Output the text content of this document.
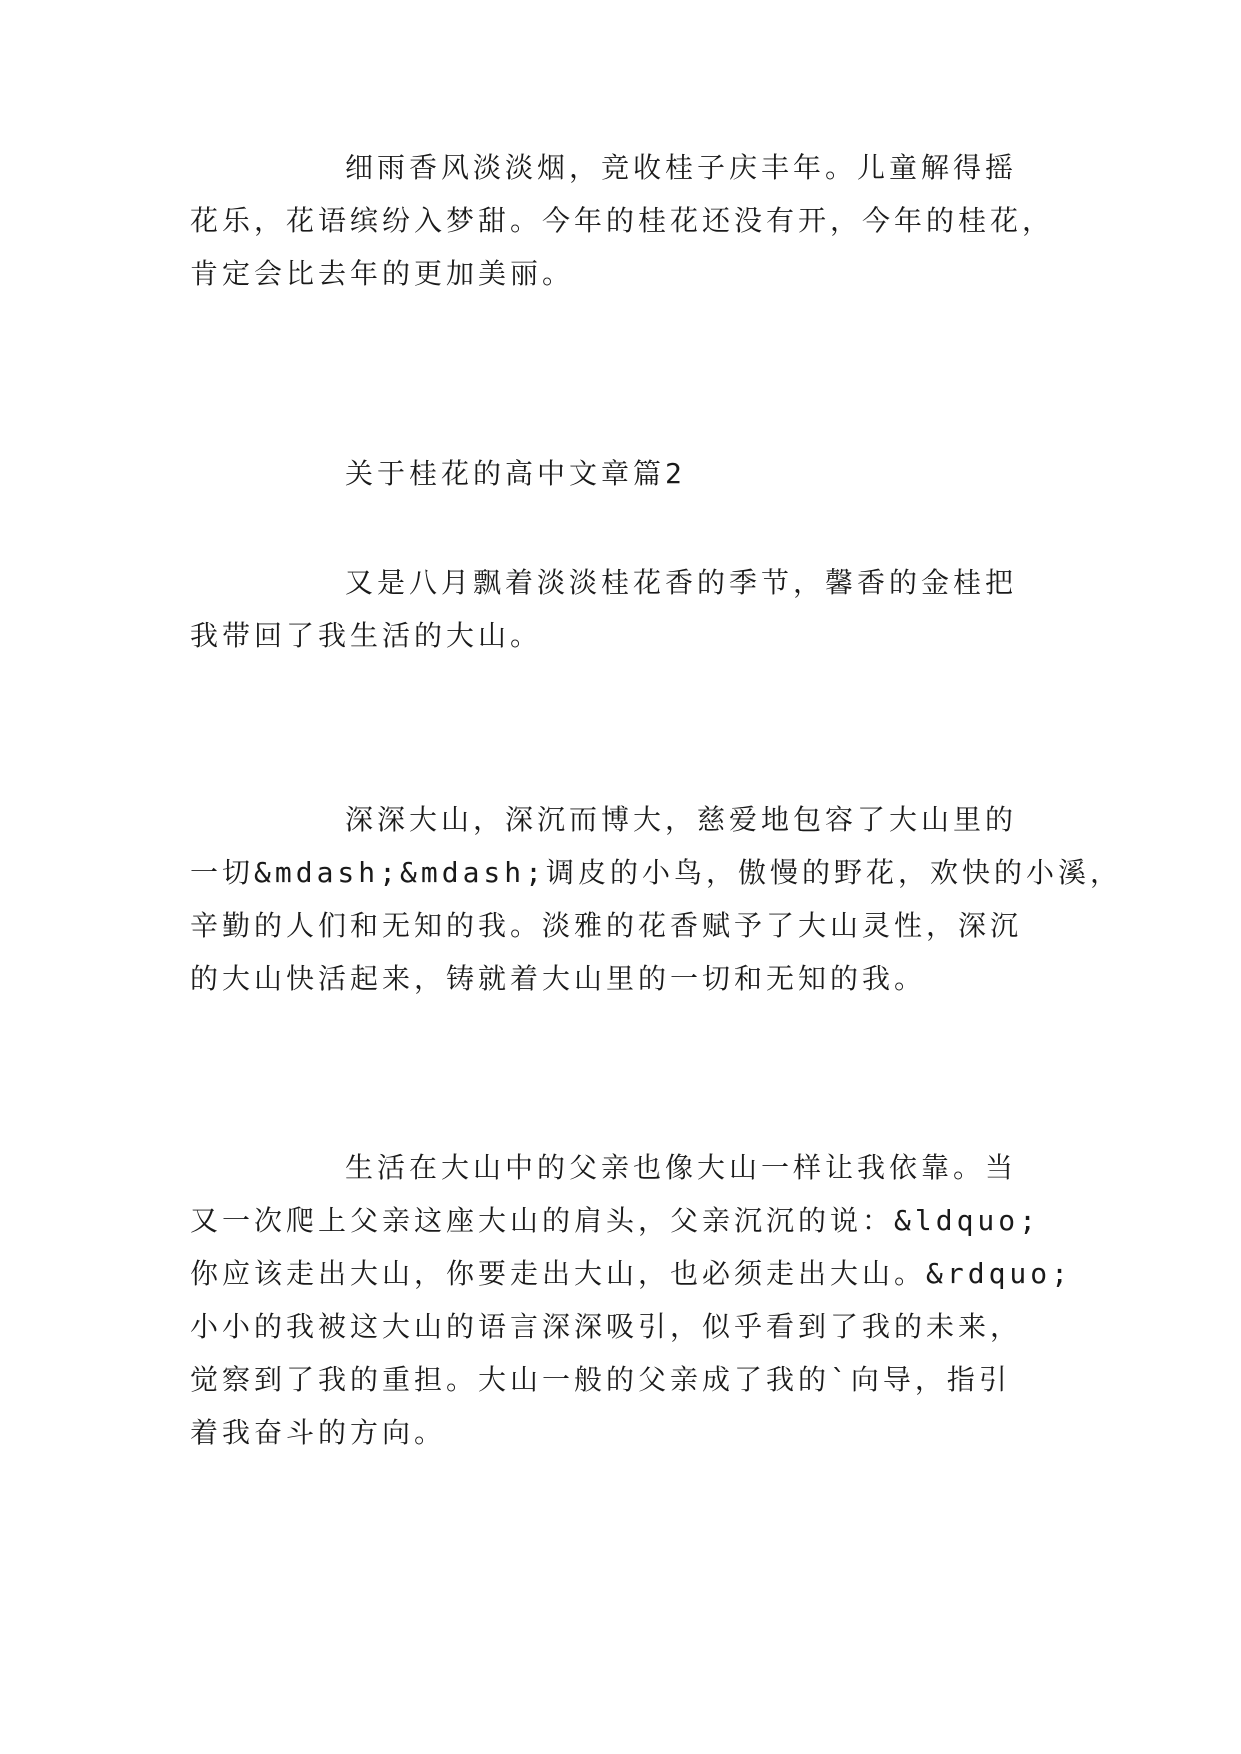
细雨香风淡淡烟，竞收桂子庆丰年。儿童解得摇
花乐，花语缤纷入梦甜。今年的桂花还没有开，今年的桂花，
肯定会比去年的更加美丽。
关于桂花的高中文章篇2
又是八月飘着淡淡桂花香的季节，馨香的金桂把
我带回了我生活的大山。
深深大山，深沉而博大，慈爱地包容了大山里的
一切&mdash;&mdash;调皮的小鸟，傲慢的野花，欢快的小溪，
辛勤的人们和无知的我。淡雅的花香赋予了大山灵性，深沉
的大山快活起来，铸就着大山里的一切和无知的我。
生活在大山中的父亲也像大山一样让我依靠。当
又一次爬上父亲这座大山的肩头，父亲沉沉的说：&ldquo;
你应该走出大山，你要走出大山，也必须走出大山。&rdquo;
小小的我被这大山的语言深深吸引，似乎看到了我的未来，
觉察到了我的重担。大山一般的父亲成了我的`向导，指引
着我奋斗的方向。
